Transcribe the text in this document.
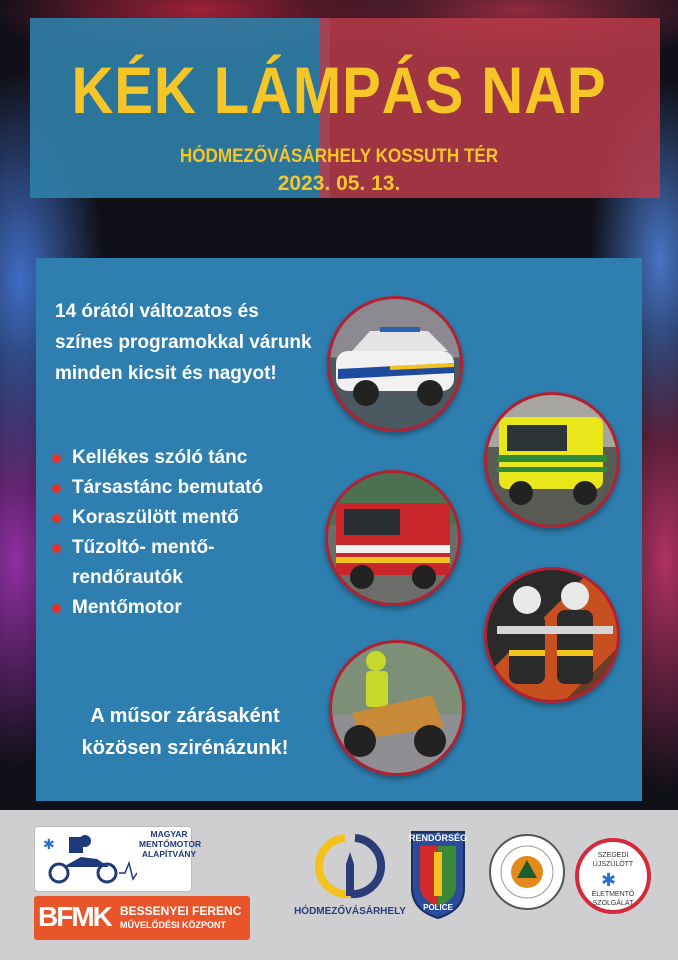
KÉK LÁMPÁS NAP
HÓDMEZŐVÁSÁRHELY KOSSUTH TÉR
2023. 05. 13.
14 órától változatos és
színes programokkal várunk
minden kicsit és nagyot!
Kellékes szóló tánc
Társastánc bemutató
Koraszülött mentő
Tűzoltó- mentő-
rendőrautók
Mentőmotor
A műsor zárásaként
közösen szirénázunk!
✱
MAGYAR
MENTŐMOTOR
ALAPÍTVÁNY
BFMK BESSENYEI FERENC
MŰVELŐDÉSI KÖZPONT
HÓDMEZŐVÁSÁRHELY
RENDŐRSÉG
POLICE
✱
SZEGEDI
ÚJSZÜLÖTT
ÉLETMENTŐ
SZOLGÁLAT
